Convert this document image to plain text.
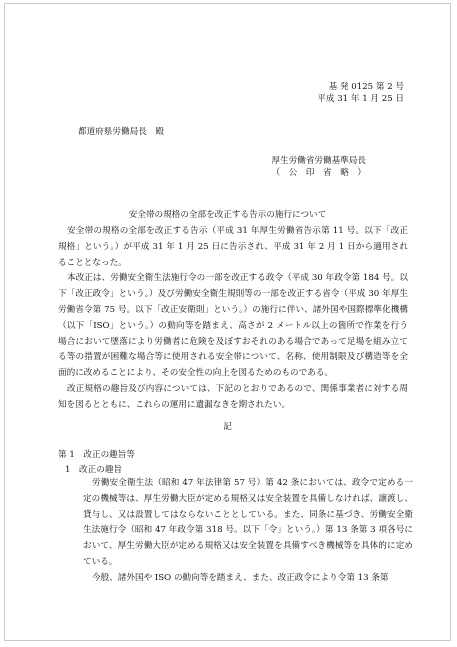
基 発 0125 第 2 号
平成 31 年 1 月 25 日
都道府県労働局長　殿
厚生労働省労働基準局長
（　公　印　省　略　）
安全帯の規格の全部を改正する告示の施行について

安全帯の規格の全部を改正する告示（平成 31 年厚生労働省告示第 11 号。以下「改正規格」という。）が平成 31 年 1 月 25 日に告示され、平成 31 年 2 月 1 日から適用されることとなった。

本改正は、労働安全衛生法施行令の一部を改正する政令（平成 30 年政令第 184 号。以下「改正政令」という。）及び労働安全衛生規則等の一部を改正する省令（平成 30 年厚生労働省令第 75 号。以下「改正安衛則」という。）の施行に伴い、諸外国や国際標準化機構（以下「ISO」という。）の動向等を踏まえ、高さが 2 メートル以上の箇所で作業を行う場合において墜落により労働者に危険を及ぼすおそれのある場合であって足場を組み立てる等の措置が困難な場合等に使用される安全帯について、名称、使用制限及び構造等を全面的に改めることにより、その安全性の向上を図るためのものである。

改正規格の趣旨及び内容については、下記のとおりであるので、関係事業者に対する周知を図るとともに、これらの運用に遺漏なきを期されたい。

記
第 1　改正の趣旨等
1　改正の趣旨

労働安全衛生法（昭和 47 年法律第 57 号）第 42 条においては、政令で定める一定の機械等は、厚生労働大臣が定める規格又は安全装置を具備しなければ、譲渡し、貸与し、又は設置してはならないこととしている。また、同条に基づき、労働安全衛生法施行令（昭和 47 年政令第 318 号。以下「令」という。）第 13 条第 3 項各号において、厚生労働大臣が定める規格又は安全装置を具備すべき機械等を具体的に定めている。

今般、諸外国や ISO の動向等を踏まえ、また、改正政令により令第 13 条第
